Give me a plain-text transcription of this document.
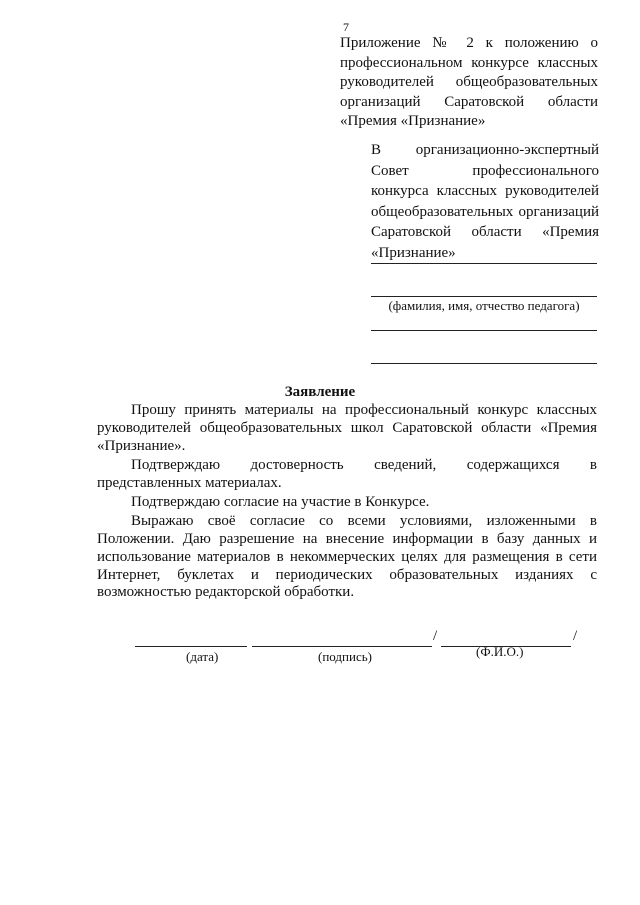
7
Приложение № 2 к положению о
профессиональном конкурсе классных
руководителей общеобразовательных
организаций Саратовской области
«Премия «Признание»
В организационно-экспертный
Совет профессионального
конкурса классных руководителей
общеобразовательных организаций
Саратовской области «Премия
«Признание»
(фамилия, имя, отчество педагога)
Заявление
Прошу принять материалы на профессиональный конкурс классных
руководителей общеобразовательных школ Саратовской области «Премия
«Признание».
Подтверждаю достоверность сведений, содержащихся в
представленных материалах.
Подтверждаю согласие на участие в Конкурсе.
Выражаю своё согласие со всеми условиями, изложенными в
Положении. Даю разрешение на внесение информации в базу данных и
использование материалов в некоммерческих целях для размещения в сети
Интернет, буклетах и периодических образовательных изданиях с
возможностью редакторской обработки.
/	/
(дата)	(подпись)	(Ф.И.О.)
